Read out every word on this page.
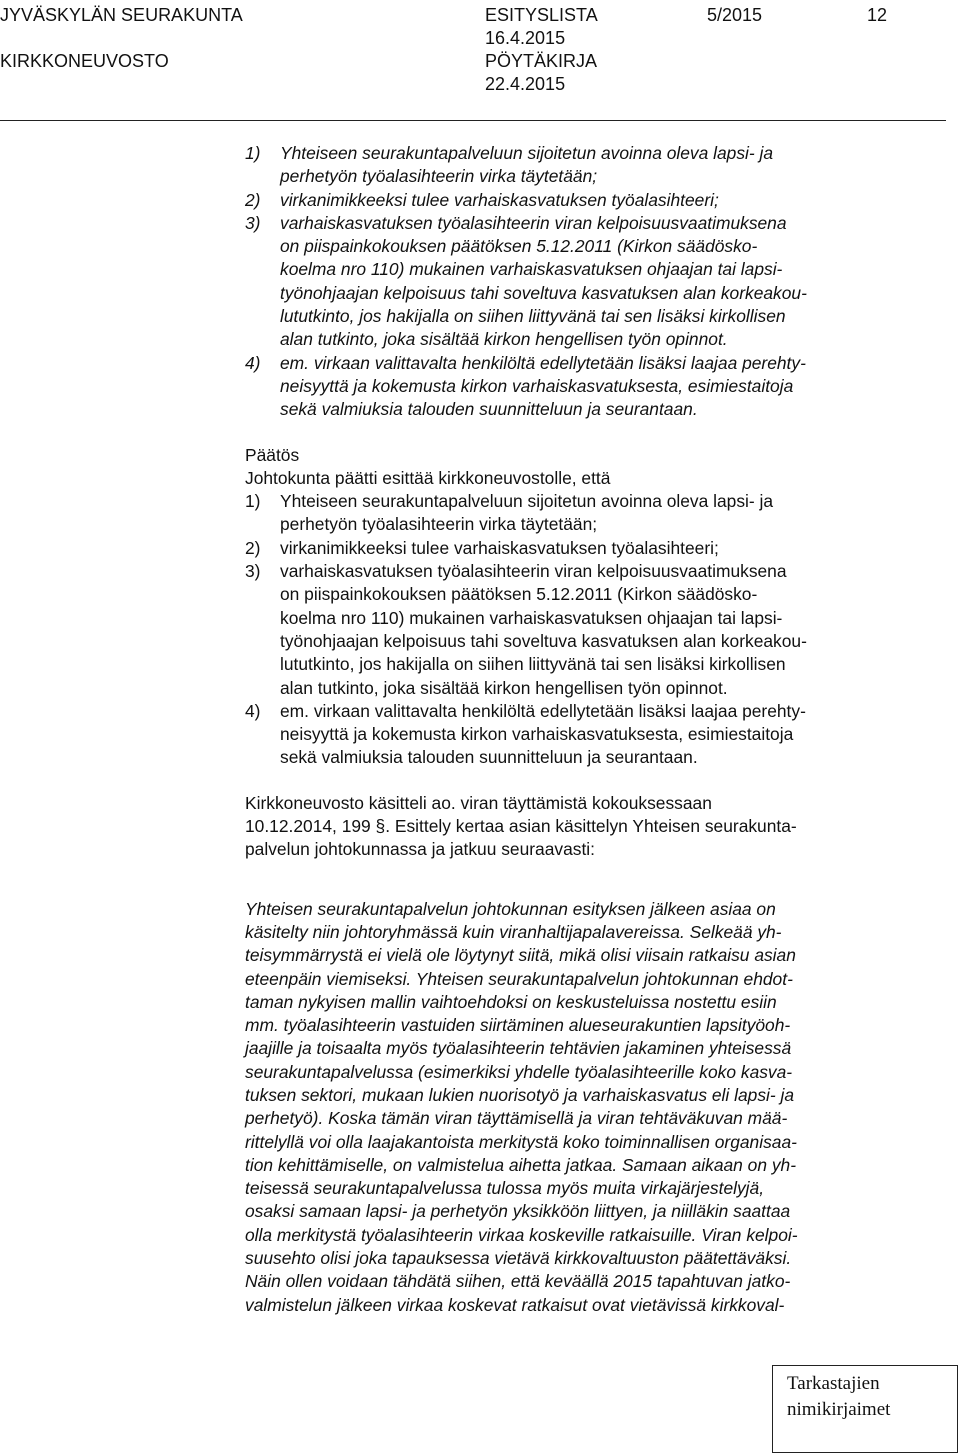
JYVÄSKYLÄN SEURAKUNTA
KIRKKONEUVOSTO
ESITYSLISTA
16.4.2015
PÖYTÄKIRJA
22.4.2015
5/2015	12
1)	Yhteiseen seurakuntapalveluun sijoitetun avoinna oleva lapsi- ja
perhetyön työalasihteerin virka täytetään;
2)	virkanimikkeeksi tulee varhaiskasvatuksen työalasihteeri;
3)	varhaiskasvatuksen työalasihteerin viran kelpoisuusvaatimuksena
on piispainkokouksen päätöksen 5.12.2011 (Kirkon säädösko-
koelma nro 110) mukainen varhaiskasvatuksen ohjaajan tai lapsi-
työnohjaajan kelpoisuus tahi soveltuva kasvatuksen alan korkeakou-
lututkinto, jos hakijalla on siihen liittyvänä tai sen lisäksi kirkollisen
alan tutkinto, joka sisältää kirkon hengellisen työn opinnot.
4)	em. virkaan valittavalta henkilöltä edellytetään lisäksi laajaa perehty-
neisyyttä ja kokemusta kirkon varhaiskasvatuksesta, esimiestaitoja
sekä valmiuksia talouden suunnitteluun ja seurantaan.
Päätös
Johtokunta päätti esittää kirkkoneuvostolle, että
1)	Yhteiseen seurakuntapalveluun sijoitetun avoinna oleva lapsi- ja
perhetyön työalasihteerin virka täytetään;
2)	virkanimikkeeksi tulee varhaiskasvatuksen työalasihteeri;
3)	varhaiskasvatuksen työalasihteerin viran kelpoisuusvaatimuksena
on piispainkokouksen päätöksen 5.12.2011 (Kirkon säädösko-
koelma nro 110) mukainen varhaiskasvatuksen ohjaajan tai lapsi-
työnohjaajan kelpoisuus tahi soveltuva kasvatuksen alan korkeakou-
lututkinto, jos hakijalla on siihen liittyvänä tai sen lisäksi kirkollisen
alan tutkinto, joka sisältää kirkon hengellisen työn opinnot.
4)	em. virkaan valittavalta henkilöltä edellytetään lisäksi laajaa perehty-
neisyyttä ja kokemusta kirkon varhaiskasvatuksesta, esimiestaitoja
sekä valmiuksia talouden suunnitteluun ja seurantaan.
Kirkkoneuvosto käsitteli ao. viran täyttämistä kokouksessaan
10.12.2014, 199 §. Esittely kertaa asian käsittelyn Yhteisen seurakunta-
palvelun johtokunnassa ja jatkuu seuraavasti:
Yhteisen seurakuntapalvelun johtokunnan esityksen jälkeen asiaa on
käsitelty niin johtoryhmässä kuin viranhaltijapalavereissa. Selkeää yh-
teisymmärrystä ei vielä ole löytynyt siitä, mikä olisi viisain ratkaisu asian
eteenpäin viemiseksi. Yhteisen seurakuntapalvelun johtokunnan ehdot-
taman nykyisen mallin vaihtoehdoksi on keskusteluissa nostettu esiin
mm. työalasihteerin vastuiden siirtäminen alueseurakuntien lapsityöoh-
jaajille ja toisaalta myös työalasihteerin tehtävien jakaminen yhteisessä
seurakuntapalvelussa (esimerkiksi yhdelle työalasihteerille koko kasva-
tuksen sektori, mukaan lukien nuorisotyö ja varhaiskasvatus eli lapsi- ja
perhetyö). Koska tämän viran täyttämisellä ja viran tehtäväkuvan mää-
rittelyllä voi olla laajakantoista merkitystä koko toiminnallisen organisaa-
tion kehittämiselle, on valmistelua aihetta jatkaa. Samaan aikaan on yh-
teisessä seurakuntapalvelussa tulossa myös muita virkajärjestelyjä,
osaksi samaan lapsi- ja perhetyön yksikköön liittyen, ja niilläkin saattaa
olla merkitystä työalasihteerin virkaa koskeville ratkaisuille. Viran kelpoi-
suusehto olisi joka tapauksessa vietävä kirkkovaltuuston päätettäväksi.
Näin ollen voidaan tähdätä siihen, että keväällä 2015 tapahtuvan jatko-
valmistelun jälkeen virkaa koskevat ratkaisut ovat vietävissä kirkkoval-
Tarkastajien
nimikirjaimet
